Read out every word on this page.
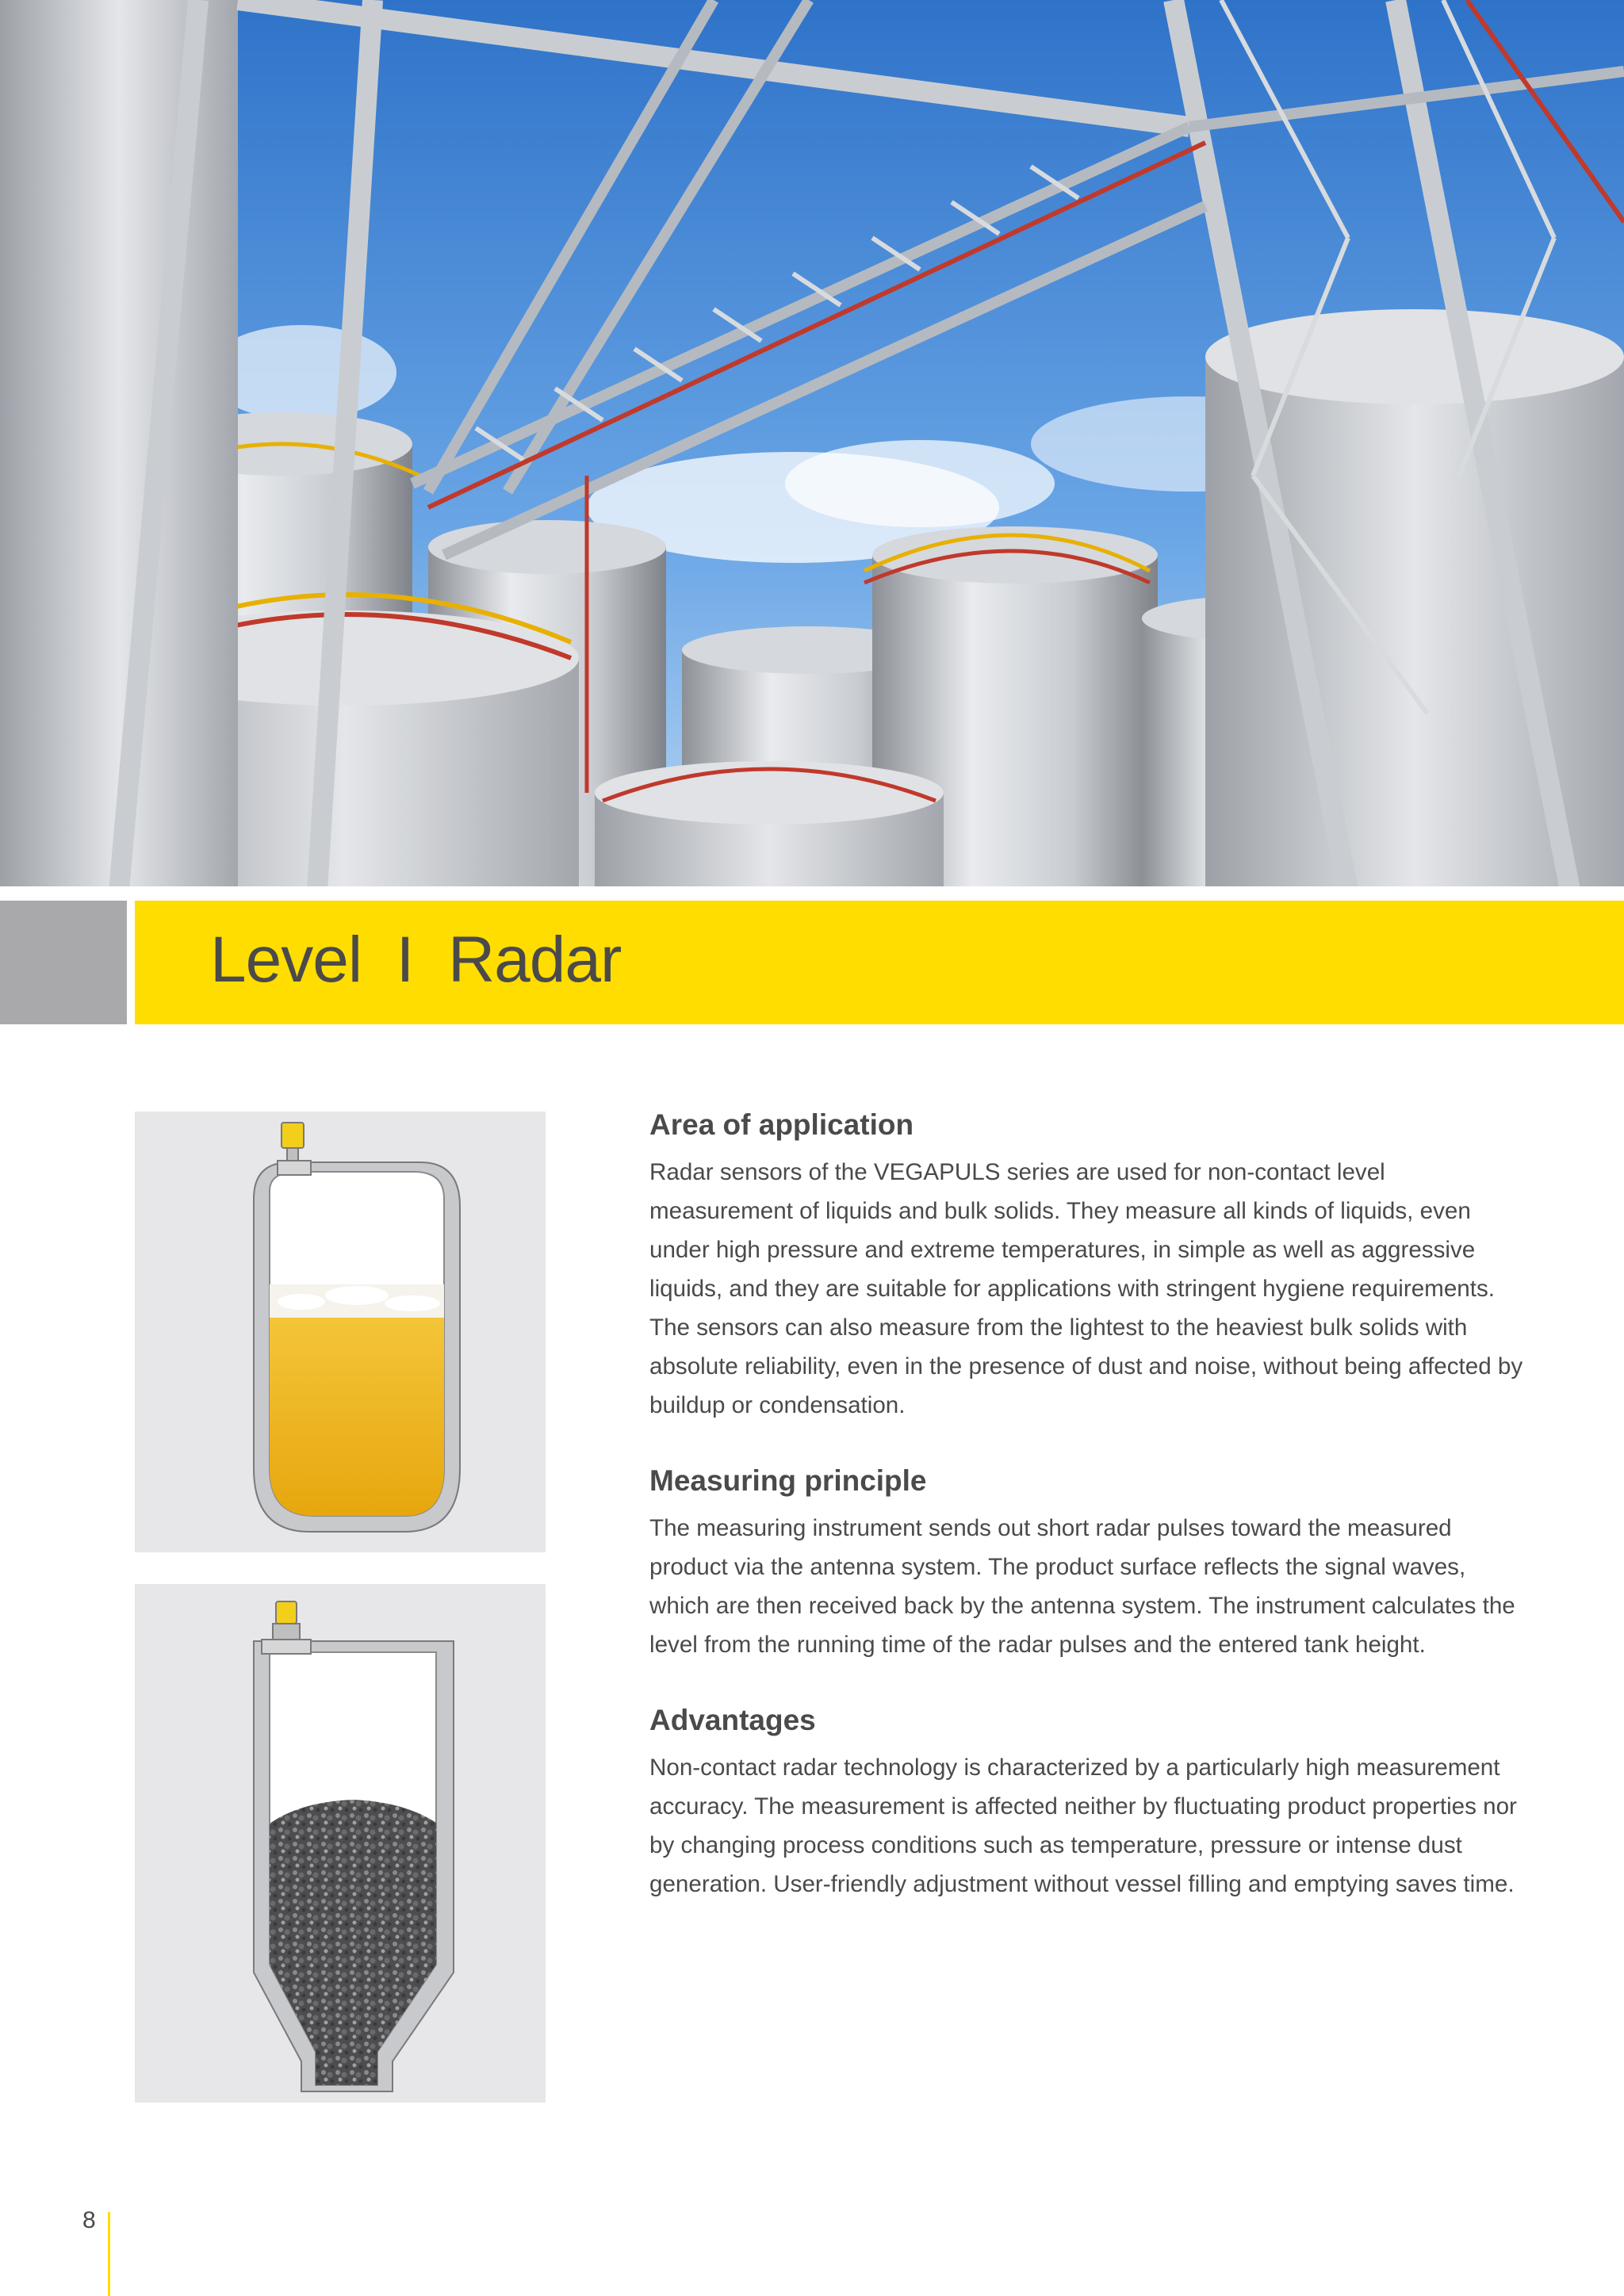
Level  I  Radar
Area of application

Radar sensors of the VEGAPULS series are used for non-contact level measurement of liquids and bulk solids. They measure all kinds of liquids, even under high pressure and extreme temperatures, in simple as well as aggressive liquids, and they are suitable for applications with stringent hygiene requirements. The sensors can also measure from the lightest to the heaviest bulk solids with absolute reliability, even in the presence of dust and noise, without being affected by buildup or condensation.

Measuring principle

The measuring instrument sends out short radar pulses toward the measured product via the antenna system. The product surface reflects the signal waves, which are then received back by the antenna system. The instrument calculates the level from the running time of the radar pulses and the entered tank height.

Advantages

Non-contact radar technology is characterized by a particularly high measurement accuracy. The measurement is affected neither by fluctuating product properties nor by changing process conditions such as temperature, pressure or intense dust generation. User-friendly adjustment without vessel filling and emptying saves time.

8
